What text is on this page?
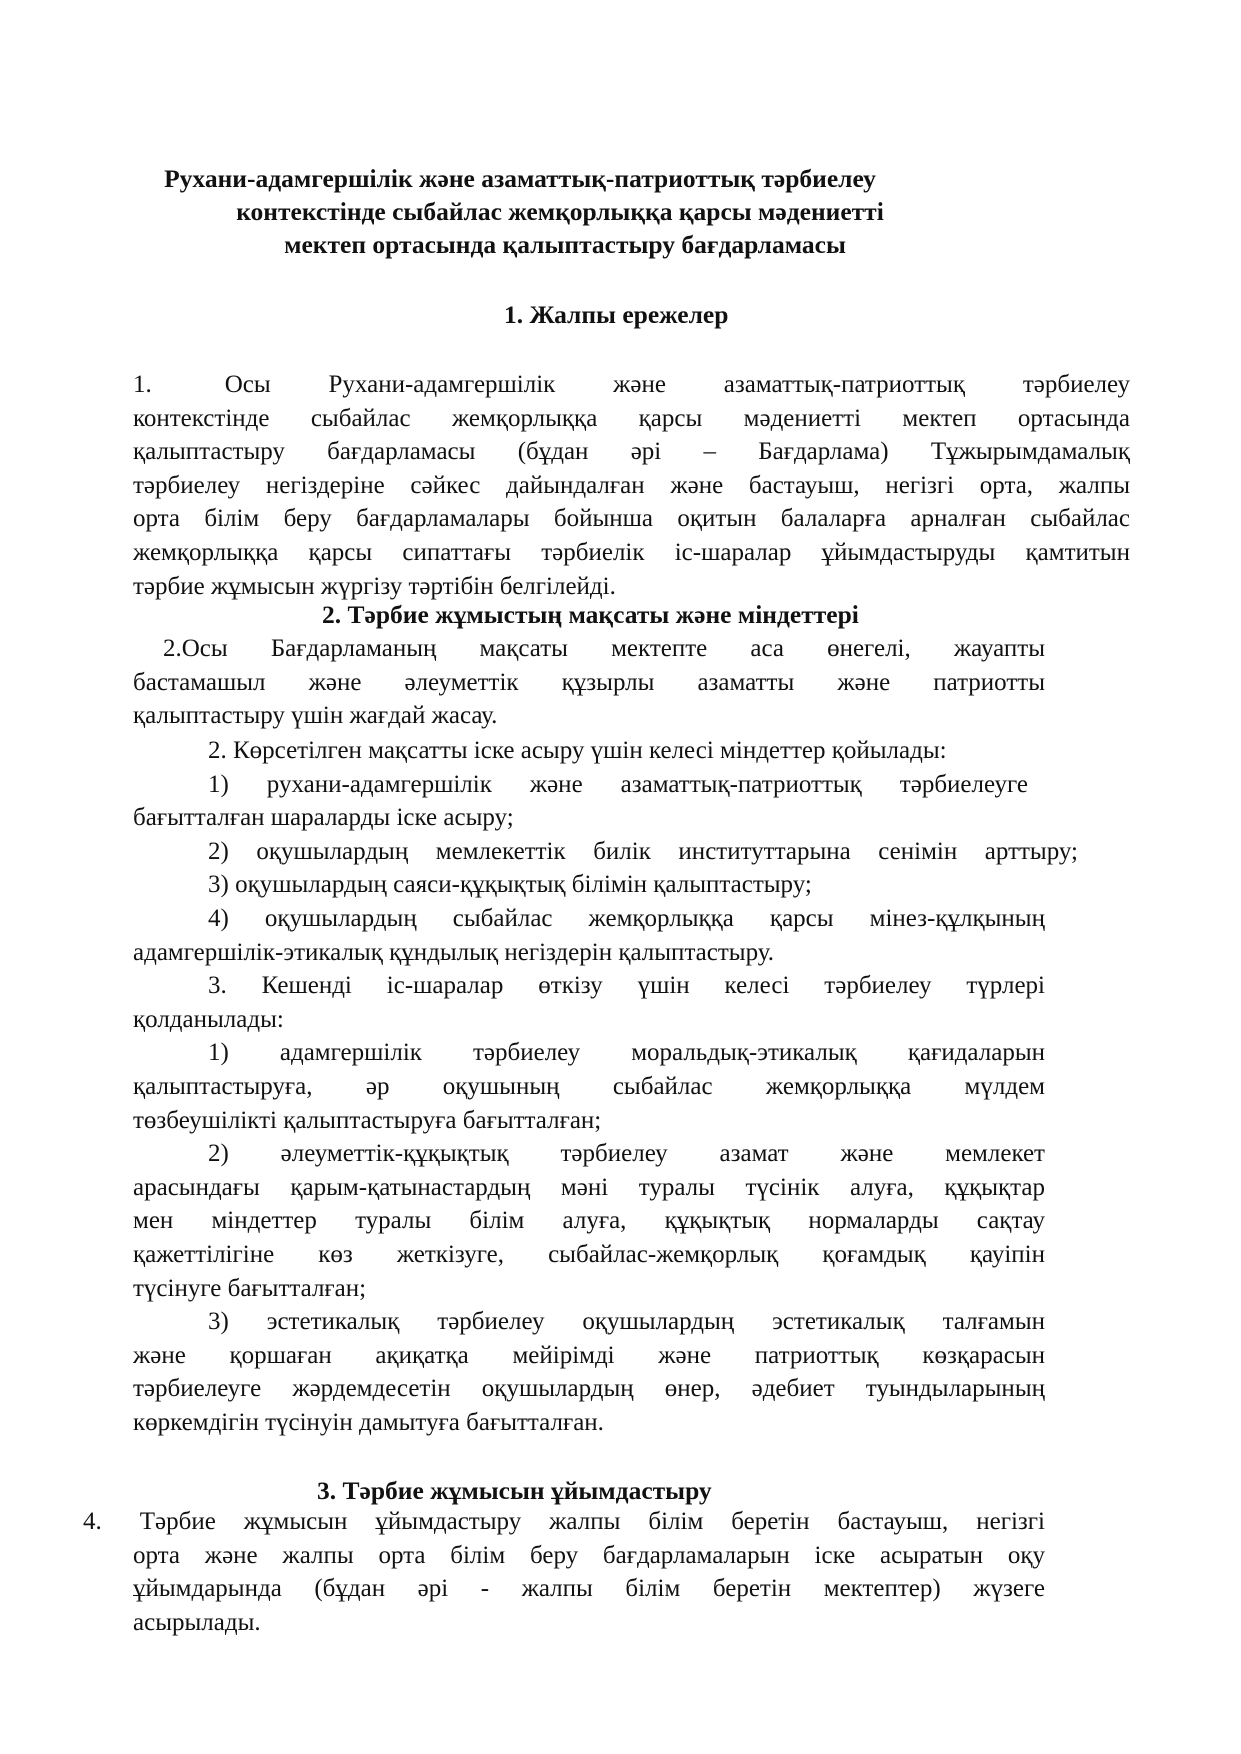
Рухани-адамгершілік және азаматтық-патриоттық тәрбиелеу
контекстінде сыбайлас жемқорлыққа қарсы мәдениетті
мектеп ортасында қалыптастыру бағдарламасы
1. Жалпы ережелер
1.	Осы Рухани-адамгершілік және азаматтық-патриоттық тәрбиелеу
контекстінде сыбайлас жемқорлыққа қарсы мәдениетті мектеп ортасында
қалыптастыру бағдарламасы (бұдан әрі – Бағдарлама) Тұжырымдамалық
тәрбиелеу негіздеріне сәйкес дайындалған және бастауыш, негізгі орта, жалпы
орта білім беру бағдарламалары бойынша оқитын балаларға арналған сыбайлас
жемқорлыққа қарсы сипаттағы тәрбиелік іс-шаралар ұйымдастыруды қамтитын
тәрбие жұмысын жүргізу тәртібін белгілейді.
2. Тәрбие жұмыстың мақсаты және міндеттері
2.Осы Бағдарламаның мақсаты мектепте аса өнегелі, жауапты
бастамашыл және әлеуметтік құзырлы азаматты және патриотты
қалыптастыру үшін жағдай жасау.
2. Көрсетілген мақсатты іске асыру үшін келесі міндеттер қойылады:
1) рухани-адамгершілік және азаматтық-патриоттық тәрбиелеуге
бағытталған шараларды іске асыру;
2) оқушылардың мемлекеттік билік институттарына сенімін арттыру;
3) оқушылардың саяси-құқықтық білімін қалыптастыру;
4) оқушылардың сыбайлас жемқорлыққа қарсы мінез-құлқының
адамгершілік-этикалық құндылық негіздерін қалыптастыру.
3. Кешенді іс-шаралар өткізу үшін келесі тәрбиелеу түрлері
қолданылады:
1) адамгершілік тәрбиелеу моральдық-этикалық қағидаларын
қалыптастыруға, әр оқушының сыбайлас жемқорлыққа мүлдем
төзбеушілікті қалыптастыруға бағытталған;
2) әлеуметтік-құқықтық тәрбиелеу азамат және мемлекет
арасындағы қарым-қатынастардың мәні туралы түсінік алуға, құқықтар
мен міндеттер туралы білім алуға, құқықтық нормаларды сақтау
қажеттілігіне көз жеткізуге, сыбайлас-жемқорлық қоғамдық қауіпін
түсінуге бағытталған;
3) эстетикалық тәрбиелеу оқушылардың эстетикалық талғамын
және қоршаған ақиқатқа мейірімді және патриоттық көзқарасын
тәрбиелеуге жәрдемдесетін оқушылардың өнер, әдебиет туындыларының
көркемдігін түсінуін дамытуға бағытталған.
3. Тәрбие жұмысын ұйымдастыру
4. Тәрбие жұмысын ұйымдастыру жалпы білім беретін бастауыш, негізгі
орта және жалпы орта білім беру бағдарламаларын іске асыратын оқу
ұйымдарында (бұдан әрі - жалпы білім беретін мектептер) жүзеге
асырылады.
